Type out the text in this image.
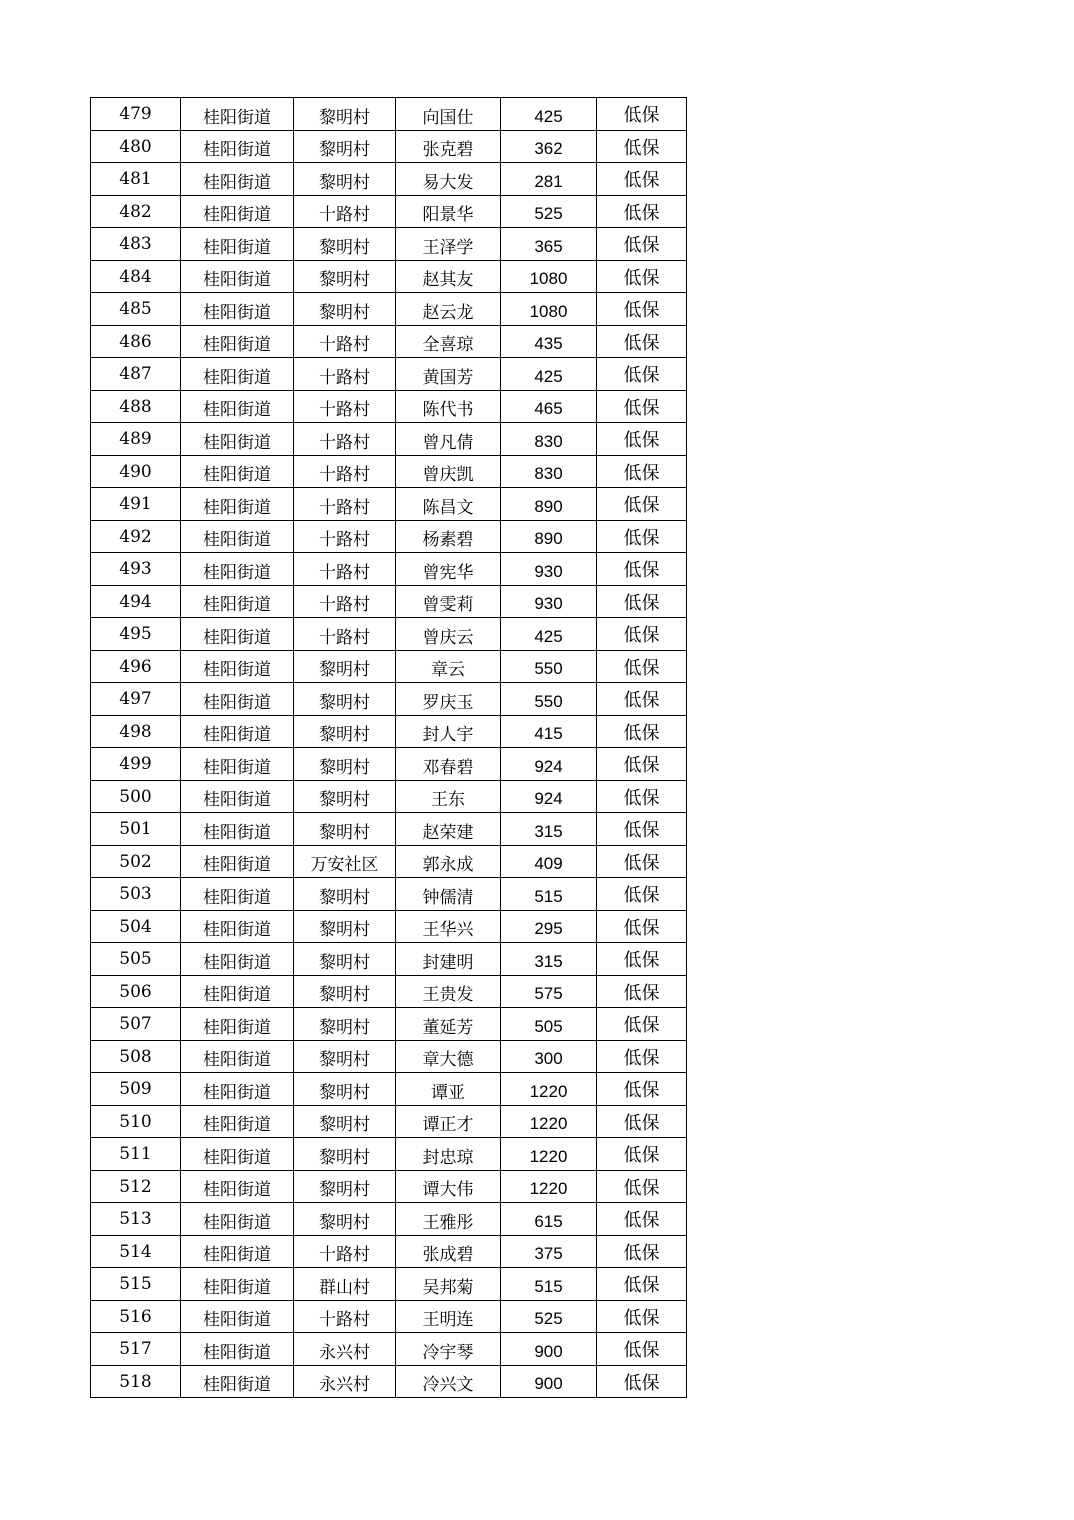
479	桂阳街道	黎明村	向国仕	425	低保

480	桂阳街道	黎明村	张克碧	362	低保

481	桂阳街道	黎明村	易大发	281	低保

482	桂阳街道	十路村	阳景华	525	低保

483	桂阳街道	黎明村	王泽学	365	低保

484	桂阳街道	黎明村	赵其友	1080	低保

485	桂阳街道	黎明村	赵云龙	1080	低保

486	桂阳街道	十路村	全喜琼	435	低保

487	桂阳街道	十路村	黄国芳	425	低保

488	桂阳街道	十路村	陈代书	465	低保

489	桂阳街道	十路村	曾凡倩	830	低保

490	桂阳街道	十路村	曾庆凯	830	低保

491	桂阳街道	十路村	陈昌文	890	低保

492	桂阳街道	十路村	杨素碧	890	低保

493	桂阳街道	十路村	曾宪华	930	低保

494	桂阳街道	十路村	曾雯莉	930	低保

495	桂阳街道	十路村	曾庆云	425	低保

496	桂阳街道	黎明村	章云	550	低保

497	桂阳街道	黎明村	罗庆玉	550	低保

498	桂阳街道	黎明村	封人宇	415	低保

499	桂阳街道	黎明村	邓春碧	924	低保

500	桂阳街道	黎明村	王东	924	低保

501	桂阳街道	黎明村	赵荣建	315	低保

502	桂阳街道	万安社区	郭永成	409	低保

503	桂阳街道	黎明村	钟儒清	515	低保

504	桂阳街道	黎明村	王华兴	295	低保

505	桂阳街道	黎明村	封建明	315	低保

506	桂阳街道	黎明村	王贵发	575	低保

507	桂阳街道	黎明村	董延芳	505	低保

508	桂阳街道	黎明村	章大德	300	低保

509	桂阳街道	黎明村	谭亚	1220	低保

510	桂阳街道	黎明村	谭正才	1220	低保

511	桂阳街道	黎明村	封忠琼	1220	低保

512	桂阳街道	黎明村	谭大伟	1220	低保

513	桂阳街道	黎明村	王雅彤	615	低保

514	桂阳街道	十路村	张成碧	375	低保

515	桂阳街道	群山村	吴邦菊	515	低保

516	桂阳街道	十路村	王明连	525	低保

517	桂阳街道	永兴村	冷宇琴	900	低保

518	桂阳街道	永兴村	冷兴文	900	低保
